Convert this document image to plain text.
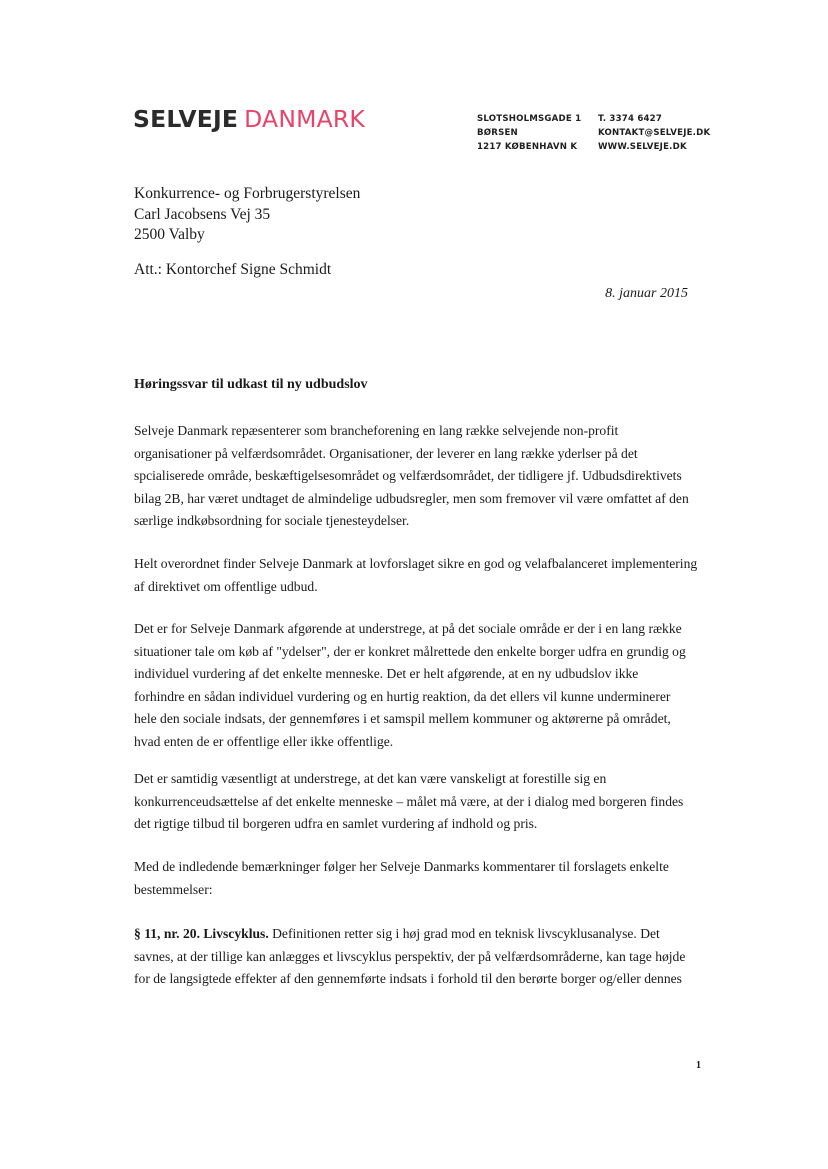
SELVEJE DANMARK	SLOTSHOLMSGADE 1
BØRSEN
1217 KØBENHAVN K
T. 3374 6427
KONTAKT@SELVEJE.DK
WWW.SELVEJE.DK
Konkurrence- og Forbrugerstyrelsen
Carl Jacobsens Vej 35
2500 Valby
Att.: Kontorchef Signe Schmidt
8. januar 2015
Høringssvar til udkast til ny udbudslov
Selveje Danmark repæsenterer som brancheforening en lang række selvejende non-profit
organisationer på velfærdsområdet. Organisationer, der leverer en lang række yderlser på det
spcialiserede område, beskæftigelsesområdet og velfærdsområdet, der tidligere jf. Udbudsdirektivets
bilag 2B, har været undtaget de almindelige udbudsregler, men som fremover vil være omfattet af den
særlige indkøbsordning for sociale tjenesteydelser.
Helt overordnet finder Selveje Danmark at lovforslaget sikre en god og velafbalanceret implementering
af direktivet om offentlige udbud.
Det er for Selveje Danmark afgørende at understrege, at på det sociale område er der i en lang række
situationer tale om køb af "ydelser", der er konkret målrettede den enkelte borger udfra en grundig og
individuel vurdering af det enkelte menneske. Det er helt afgørende, at en ny udbudslov ikke
forhindre en sådan individuel vurdering og en hurtig reaktion, da det ellers vil kunne underminerer
hele den sociale indsats, der gennemføres i et samspil mellem kommuner og aktørerne på området,
hvad enten de er offentlige eller ikke offentlige.
Det er samtidig væsentligt at understrege, at det kan være vanskeligt at forestille sig en
konkurrenceudsættelse af det enkelte menneske – målet må være, at der i dialog med borgeren findes
det rigtige tilbud til borgeren udfra en samlet vurdering af indhold og pris.
Med de indledende bemærkninger følger her Selveje Danmarks kommentarer til forslagets enkelte
bestemmelser:
§ 11, nr. 20. Livscyklus. Definitionen retter sig i høj grad mod en teknisk livscyklusanalyse. Det
savnes, at der tillige kan anlægges et livscyklus perspektiv, der på velfærdsområderne, kan tage højde
for de langsigtede effekter af den gennemførte indsats i forhold til den berørte borger og/eller dennes
1
